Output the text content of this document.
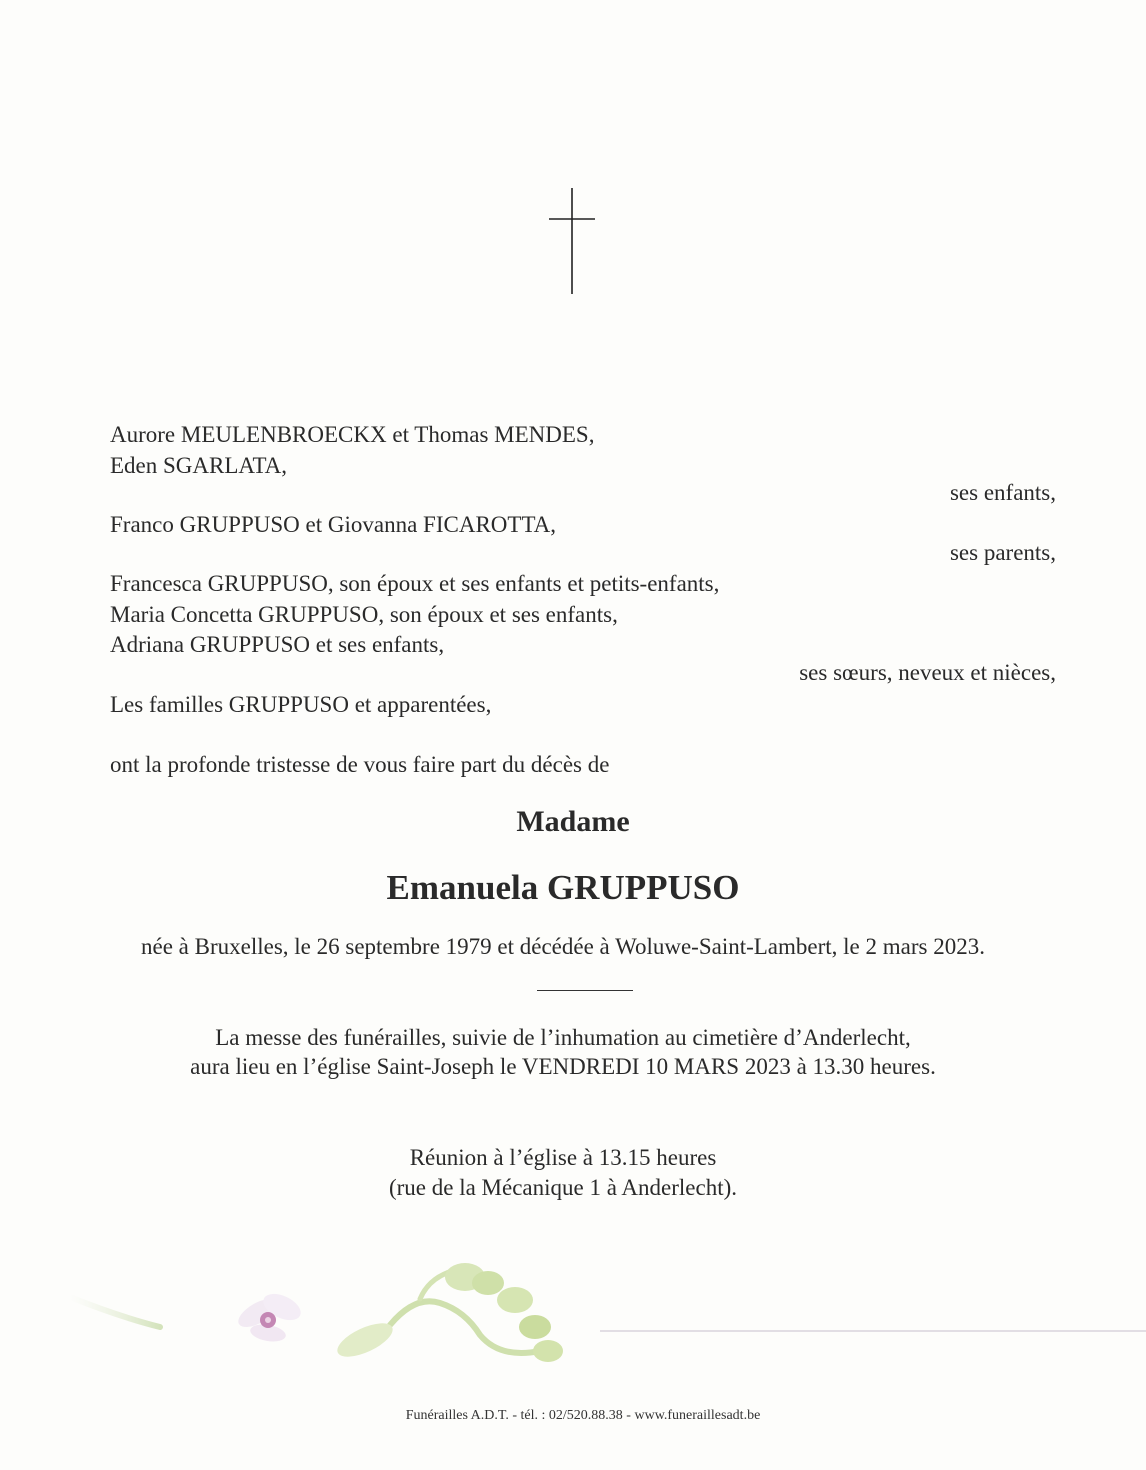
Aurore MEULENBROECKX et Thomas MENDES,
Eden SGARLATA,
ses enfants,
Franco GRUPPUSO et Giovanna FICAROTTA,
ses parents,
Francesca GRUPPUSO, son époux et ses enfants et petits-enfants,
Maria Concetta GRUPPUSO, son époux et ses enfants,
Adriana GRUPPUSO et ses enfants,
ses sœurs, neveux et nièces,
Les familles GRUPPUSO et apparentées,
ont la profonde tristesse de vous faire part du décès de
Madame
Emanuela GRUPPUSO
née à Bruxelles, le 26 septembre 1979 et décédée à Woluwe-Saint-Lambert, le 2 mars 2023.
La messe des funérailles, suivie de l’inhumation au cimetière d’Anderlecht,
aura lieu en l’église Saint-Joseph le VENDREDI 10 MARS 2023 à 13.30 heures.
Réunion à l’église à 13.15 heures
(rue de la Mécanique 1 à Anderlecht).
Funérailles A.D.T. - tél. : 02/520.88.38 - www.funeraillesadt.be
